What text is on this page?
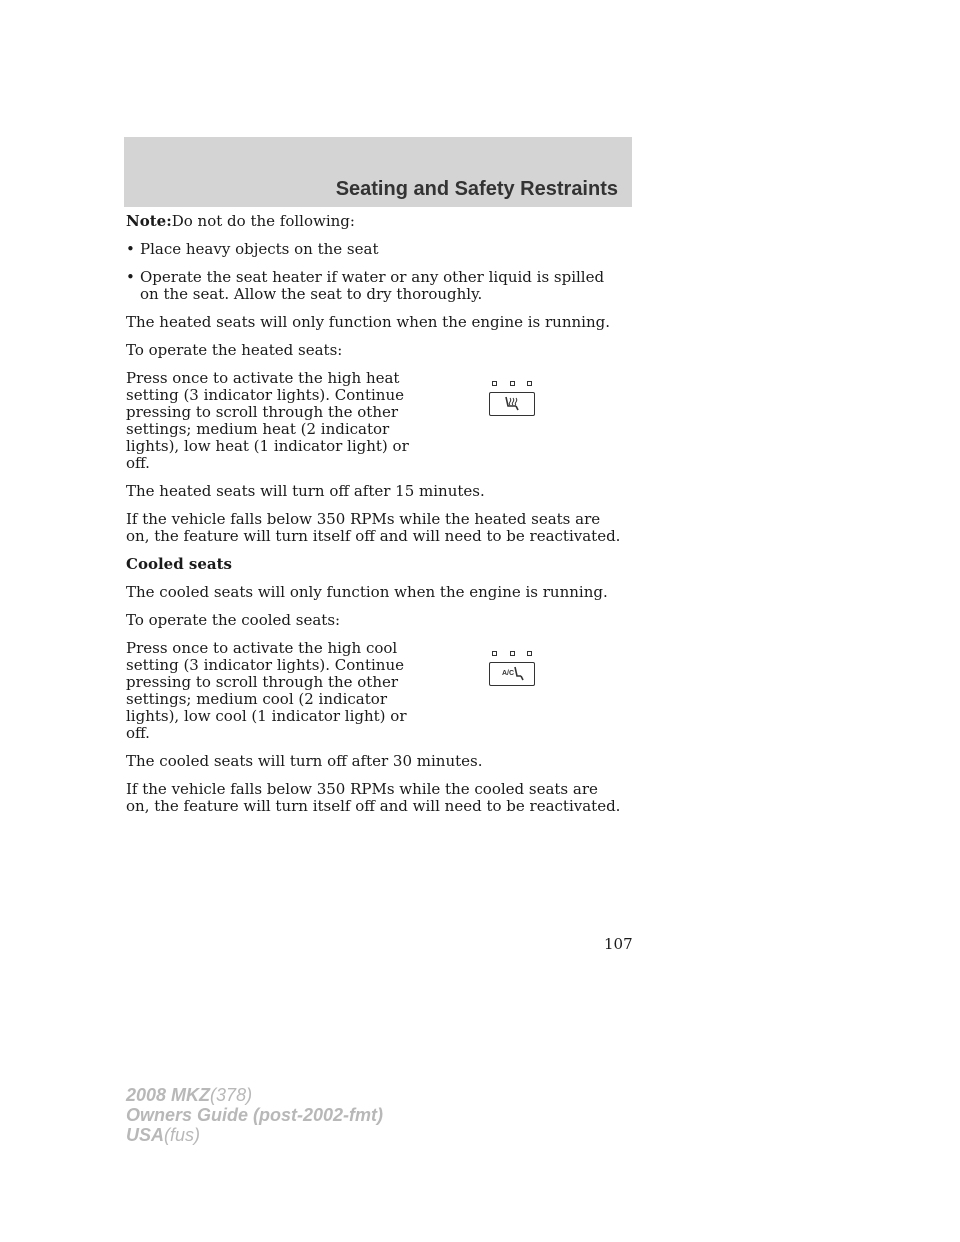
Seating and Safety Restraints

Note:Do not do the following:

• Place heavy objects on the seat
• Operate the seat heater if water or any other liquid is spilled on the seat. Allow the seat to dry thoroughly.

The heated seats will only function when the engine is running.

To operate the heated seats:

Press once to activate the high heat setting (3 indicator lights). Continue pressing to scroll through the other settings; medium heat (2 indicator lights), low heat (1 indicator light) or off.

The heated seats will turn off after 15 minutes.

If the vehicle falls below 350 RPMs while the heated seats are on, the feature will turn itself off and will need to be reactivated.

Cooled seats

The cooled seats will only function when the engine is running.

To operate the cooled seats:

Press once to activate the high cool setting (3 indicator lights). Continue pressing to scroll through the other settings; medium cool (2 indicator lights), low cool (1 indicator light) or off.
A/C

The cooled seats will turn off after 30 minutes.

If the vehicle falls below 350 RPMs while the cooled seats are on, the feature will turn itself off and will need to be reactivated.

107
2008 MKZ(378)
Owners Guide (post-2002-fmt)
USA(fus)
